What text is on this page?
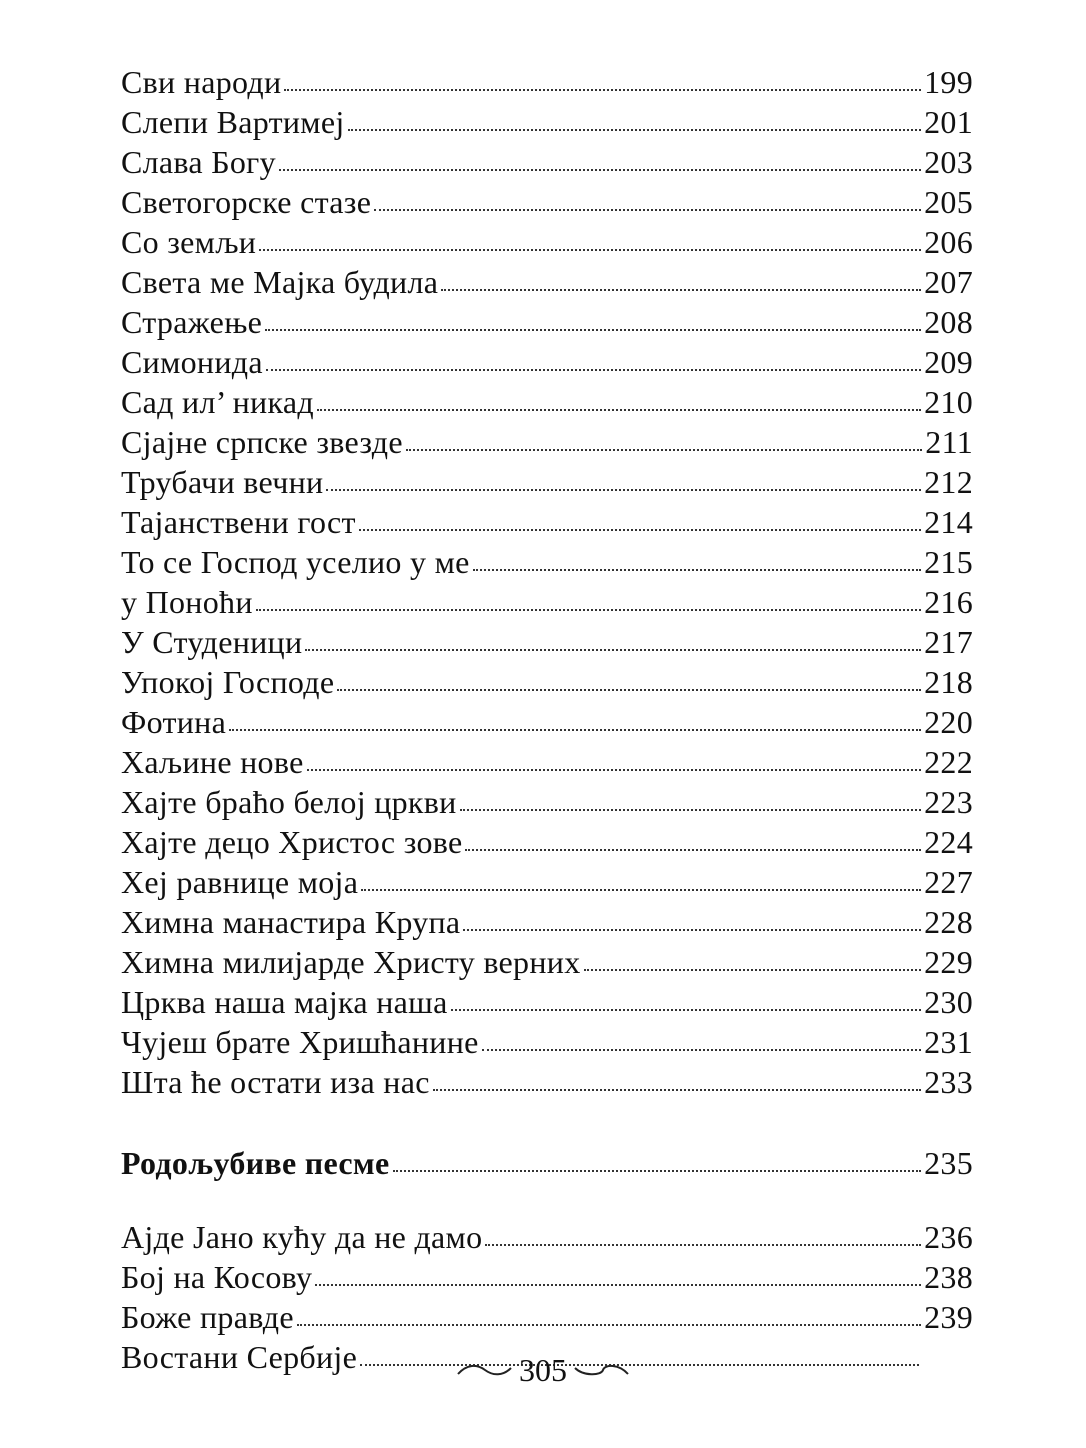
Сви народи	199
Слепи Вартимеј	201
Слава Богу	203
Светогорске стазе	205
Со земљи	206
Света ме Мајка будила	207
Стражење	208
Симонида	209
Сад ил’ никад	210
Сјајне српске звезде	211
Трубачи вечни	212
Тајанствени гост	214
То се Господ уселио у ме	215
у Поноћи	216
У Студеници	217
Упокој Господе	218
Фотина	220
Хаљине нове	222
Хајте браћо белој цркви	223
Хајте децо Христос зове	224
Хеј равнице моја	227
Химна манастира Крупа	228
Химна милијарде Христу верних	229
Црква наша мајка наша	230
Чујеш брате Хришћанине	231
Шта ће остати иза нас	233
Родољубиве песме	235
Ајде Јано кућу да не дамо	236
Бој на Косову	238
Боже правде	239
Востани Сербије	305
